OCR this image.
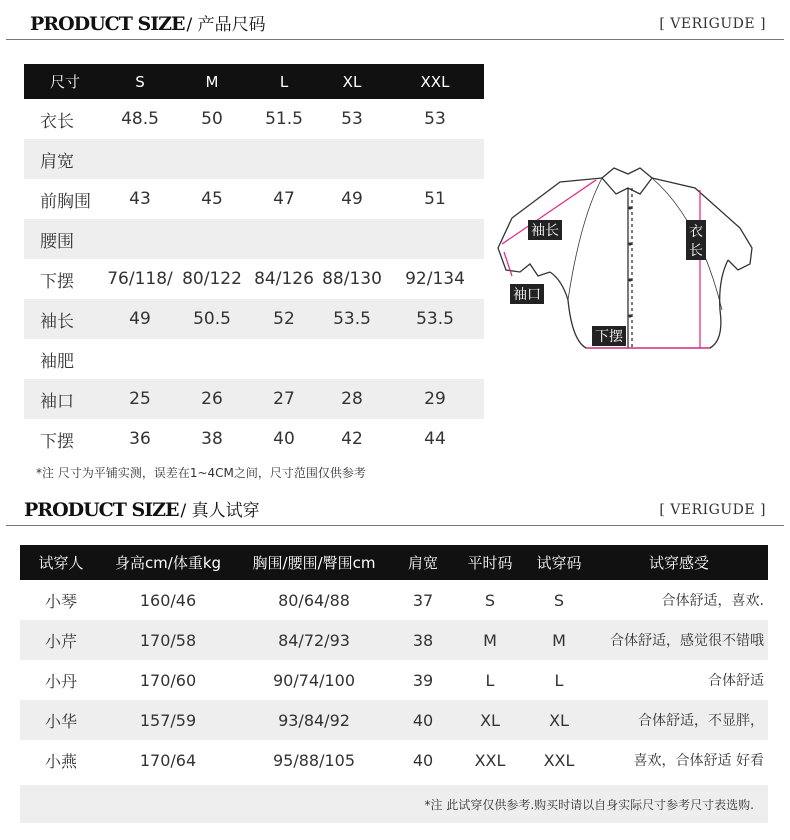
PRODUCT SIZE / 产品尺码	[ VERIGUDE ]
尺寸	S	M	L	XL	XXL
衣长	48.5	50	51.5	53	53
肩宽					
前胸围	43	45	47	49	51
腰围					
下摆	76/118/	80/122	84/126	88/130	92/134
袖长	49	50.5	52	53.5	53.5
袖肥					
袖口	25	26	27	28	29
下摆	36	38	40	42	44
*注 尺寸为平铺实测，误差在1~4CM之间，尺寸范围仅供参考
袖长	衣
长
袖口
下摆
PRODUCT SIZE / 真人试穿	[ VERIGUDE ]
试穿人	身高cm/体重kg	胸围/腰围/臀围cm	肩宽	平时码	试穿码	试穿感受
小琴	160/46	80/64/88	37	S	S	合体舒适，喜欢.
小芹	170/58	84/72/93	38	M	M	合体舒适，感觉很不错哦
小丹	170/60	90/74/100	39	L	L	合体舒适
小华	157/59	93/84/92	40	XL	XL	合体舒适，不显胖，
小燕	170/64	95/88/105	40	XXL	XXL	喜欢，合体舒适 好看
*注 此试穿仅供参考.购买时请以自身实际尺寸参考尺寸表选购.
